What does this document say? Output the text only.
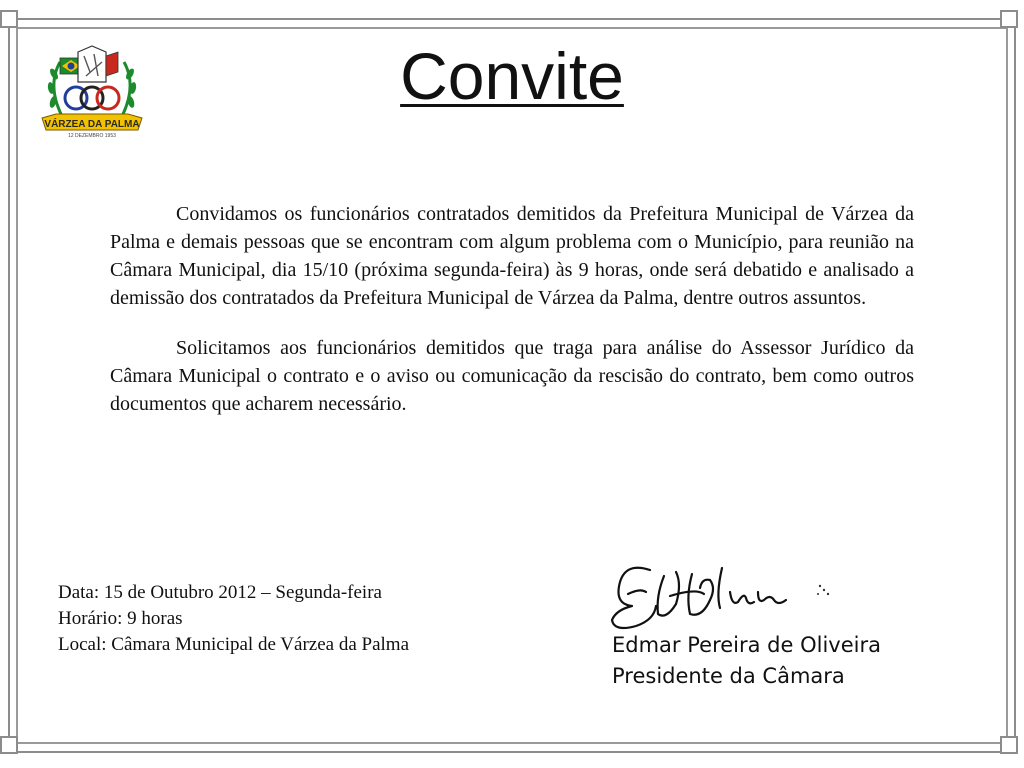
VÁRZEA DA PALMA
12 DEZEMBRO 1953
Convite

Convidamos os funcionários contratados demitidos da Prefeitura Municipal de Várzea da Palma e demais pessoas que se encontram com algum problema com o Município, para reunião na Câmara Municipal, dia 15/10 (próxima segunda-feira) às 9 horas, onde será debatido e analisado a demissão dos contratados da Prefeitura Municipal de Várzea da Palma, dentre outros assuntos.

Solicitamos aos funcionários demitidos que traga para análise do Assessor Jurídico da Câmara Municipal o contrato e o aviso ou comunicação da rescisão do contrato, bem como outros documentos que acharem necessário.

Data: 15 de Outubro 2012 – Segunda-feira
Horário: 9 horas
Local: Câmara Municipal de Várzea da Palma	Edmar Pereira de Oliveira
Presidente da Câmara
